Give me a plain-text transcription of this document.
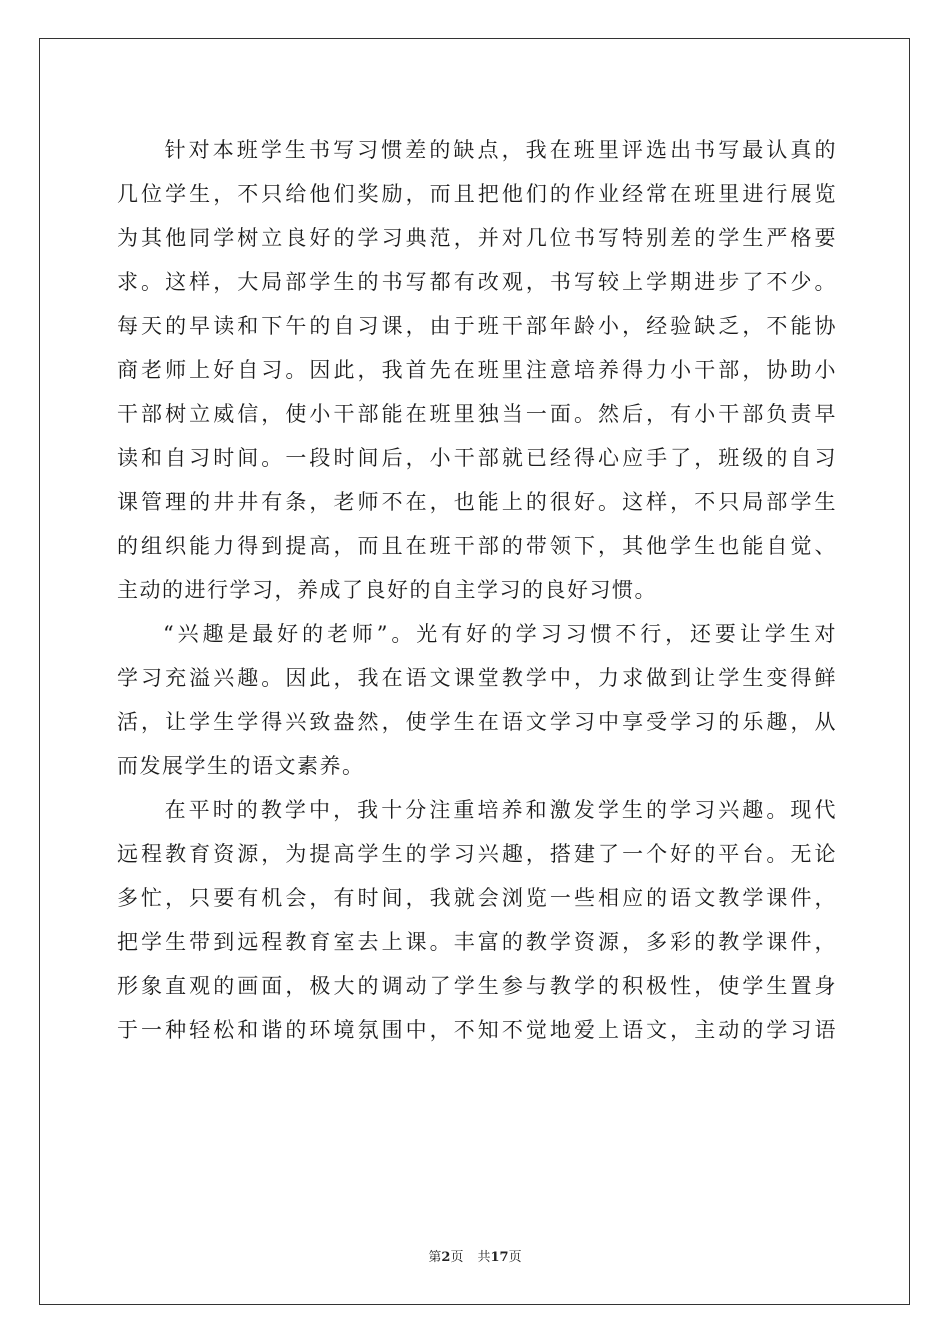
针对本班学生书写习惯差的缺点，我在班里评选出书写最认真的
几位学生，不只给他们奖励，而且把他们的作业经常在班里进行展览
为其他同学树立良好的学习典范，并对几位书写特别差的学生严格要
求。这样，大局部学生的书写都有改观，书写较上学期进步了不少。
每天的早读和下午的自习课，由于班干部年龄小，经验缺乏，不能协
商老师上好自习。因此，我首先在班里注意培养得力小干部，协助小
干部树立威信，使小干部能在班里独当一面。然后，有小干部负责早
读和自习时间。一段时间后，小干部就已经得心应手了，班级的自习
课管理的井井有条，老师不在，也能上的很好。这样，不只局部学生
的组织能力得到提高，而且在班干部的带领下，其他学生也能自觉、
主动的进行学习，养成了良好的自主学习的良好习惯。
“兴趣是最好的老师”。光有好的学习习惯不行，还要让学生对
学习充溢兴趣。因此，我在语文课堂教学中，力求做到让学生变得鲜
活，让学生学得兴致盎然，使学生在语文学习中享受学习的乐趣，从
而发展学生的语文素养。
在平时的教学中，我十分注重培养和激发学生的学习兴趣。现代
远程教育资源，为提高学生的学习兴趣，搭建了一个好的平台。无论
多忙，只要有机会，有时间，我就会浏览一些相应的语文教学课件，
把学生带到远程教育室去上课。丰富的教学资源，多彩的教学课件，
形象直观的画面，极大的调动了学生参与教学的积极性，使学生置身
于一种轻松和谐的环境氛围中，不知不觉地爱上语文，主动的学习语
第2页 共17页
